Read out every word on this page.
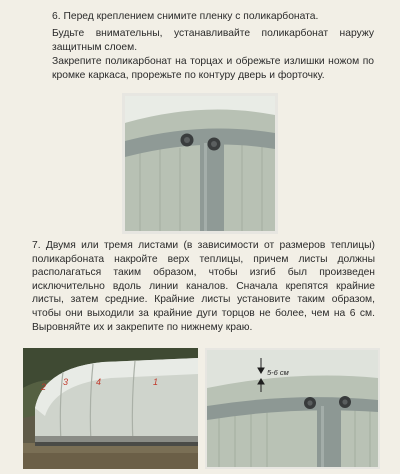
6. Перед креплением снимите пленку с поликарбоната.

Будьте внимательны, устанавливайте поликарбонат наружу защитным слоем.

Закрепите поликарбонат на торцах и обрежьте излишки ножом по кромке каркаса, прорежьте по контуру дверь и форточку.

7. Двумя или тремя листами (в зависимости от размеров теплицы) поликарбоната накройте верх теплицы, причем листы должны располагаться таким образом, чтобы изгиб был произведен исключительно вдоль линии каналов. Сначала крепятся крайние листы, затем средние. Крайние листы установите таким образом, чтобы они выходили за крайние дуги торцов не более, чем на 6 см. Выровняйте их и закрепите по нижнему краю.

2 3	4	1
5-6 см
